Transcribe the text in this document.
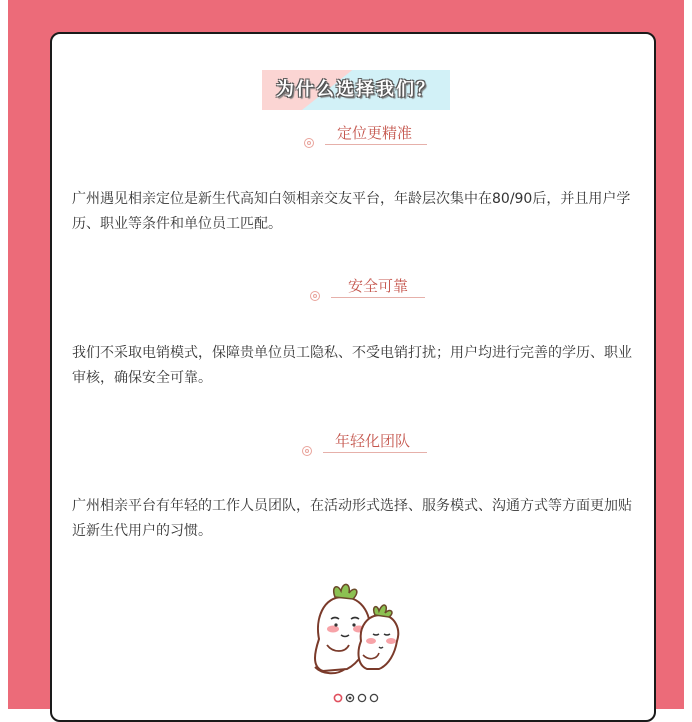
为什么选择我们？
定位更精准
广州遇见相亲定位是新生代高知白领相亲交友平台，年龄层次集中在80/90后，并且用户学历、职业等条件和单位员工匹配。
安全可靠
我们不采取电销模式，保障贵单位员工隐私、不受电销打扰；用户均进行完善的学历、职业审核，确保安全可靠。
年轻化团队
广州相亲平台有年轻的工作人员团队，在活动形式选择、服务模式、沟通方式等方面更加贴近新生代用户的习惯。
